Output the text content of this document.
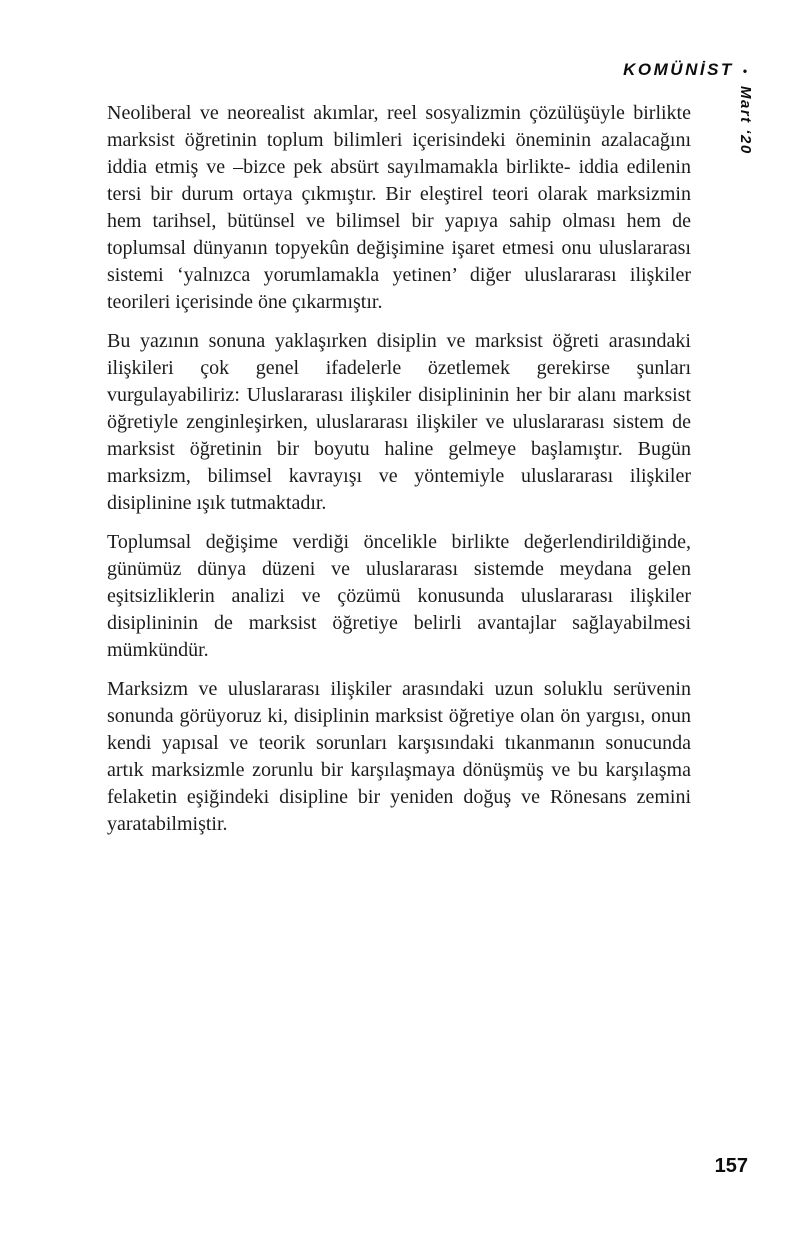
KOMÜNİST •
Mart ‘20

Neoliberal ve neorealist akımlar, reel sosyalizmin çözülüşüyle birlikte marksist öğretinin toplum bilimleri içerisindeki öneminin azalacağını iddia etmiş ve –bizce pek absürt sayılmamakla birlikte- iddia edilenin tersi bir durum ortaya çıkmıştır. Bir eleştirel teori olarak marksizmin hem tarihsel, bütünsel ve bilimsel bir yapıya sahip olması hem de toplumsal dünyanın topyekûn değişimine işaret etmesi onu uluslararası sistemi ‘yalnızca yorumlamakla yetinen’ diğer uluslararası ilişkiler teorileri içerisinde öne çıkarmıştır.

Bu yazının sonuna yaklaşırken disiplin ve marksist öğreti arasındaki ilişkileri çok genel ifadelerle özetlemek gerekirse şunları vurgulayabiliriz: Uluslararası ilişkiler disiplininin her bir alanı marksist öğretiyle zenginleşirken, uluslararası ilişkiler ve uluslararası sistem de marksist öğretinin bir boyutu haline gelmeye başlamıştır. Bugün marksizm, bilimsel kavrayışı ve yöntemiyle uluslararası ilişkiler disiplinine ışık tutmaktadır.

Toplumsal değişime verdiği öncelikle birlikte değerlendirildiğinde, günümüz dünya düzeni ve uluslararası sistemde meydana gelen eşitsizliklerin analizi ve çözümü konusunda uluslararası ilişkiler disiplininin de marksist öğretiye belirli avantajlar sağlayabilmesi mümkündür.

Marksizm ve uluslararası ilişkiler arasındaki uzun soluklu serüvenin sonunda görüyoruz ki, disiplinin marksist öğretiye olan ön yargısı, onun kendi yapısal ve teorik sorunları karşısındaki tıkanmanın sonucunda artık marksizmle zorunlu bir karşılaşmaya dönüşmüş ve bu karşılaşma felaketin eşiğindeki disipline bir yeniden doğuş ve Rönesans zemini yaratabilmiştir.

157
